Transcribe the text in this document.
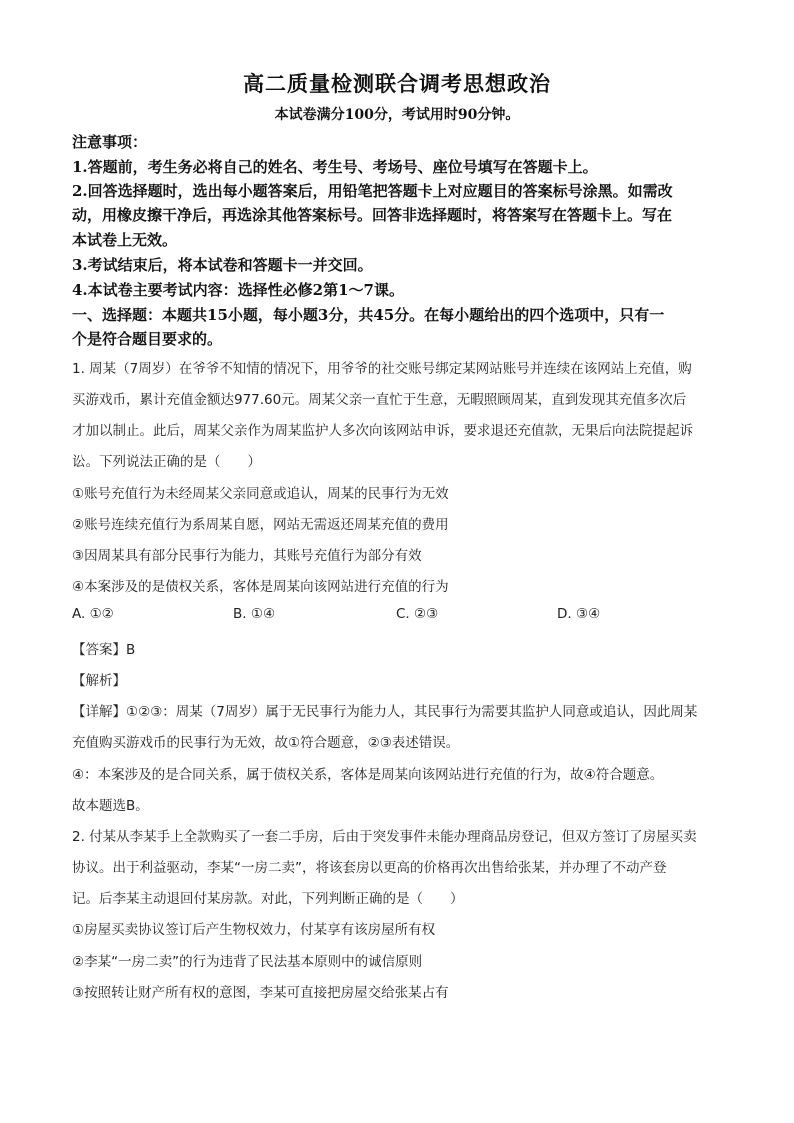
高二质量检测联合调考思想政治
本试卷满分100分，考试用时90分钟。
注意事项：
1.答题前，考生务必将自己的姓名、考生号、考场号、座位号填写在答题卡上。
2.回答选择题时，选出每小题答案后，用铅笔把答题卡上对应题目的答案标号涂黑。如需改
动，用橡皮擦干净后，再选涂其他答案标号。回答非选择题时，将答案写在答题卡上。写在
本试卷上无效。
3.考试结束后，将本试卷和答题卡一并交回。
4.本试卷主要考试内容：选择性必修2第1～7课。
一、选择题：本题共15小题，每小题3分，共45分。在每小题给出的四个选项中，只有一
个是符合题目要求的。
1. 周某（7周岁）在爷爷不知情的情况下，用爷爷的社交账号绑定某网站账号并连续在该网站上充值，购
买游戏币，累计充值金额达977.60元。周某父亲一直忙于生意，无暇照顾周某，直到发现其充值多次后
才加以制止。此后，周某父亲作为周某监护人多次向该网站申诉，要求退还充值款，无果后向法院提起诉
讼。下列说法正确的是（　　）
①账号充值行为未经周某父亲同意或追认，周某的民事行为无效
②账号连续充值行为系周某自愿，网站无需返还周某充值的费用
③因周某具有部分民事行为能力，其账号充值行为部分有效
④本案涉及的是债权关系，客体是周某向该网站进行充值的行为
A. ①②	B. ①④	C. ②③	D. ③④
【答案】B
【解析】
【详解】①②③：周某（7周岁）属于无民事行为能力人，其民事行为需要其监护人同意或追认，因此周某
充值购买游戏币的民事行为无效，故①符合题意，②③表述错误。
④：本案涉及的是合同关系，属于债权关系，客体是周某向该网站进行充值的行为，故④符合题意。
故本题选B。
2. 付某从李某手上全款购买了一套二手房，后由于突发事件未能办理商品房登记，但双方签订了房屋买卖
协议。出于利益驱动，李某“一房二卖”，将该套房以更高的价格再次出售给张某，并办理了不动产登
记。后李某主动退回付某房款。对此，下列判断正确的是（　　）
①房屋买卖协议签订后产生物权效力，付某享有该房屋所有权
②李某“一房二卖”的行为违背了民法基本原则中的诚信原则
③按照转让财产所有权的意图，李某可直接把房屋交给张某占有
